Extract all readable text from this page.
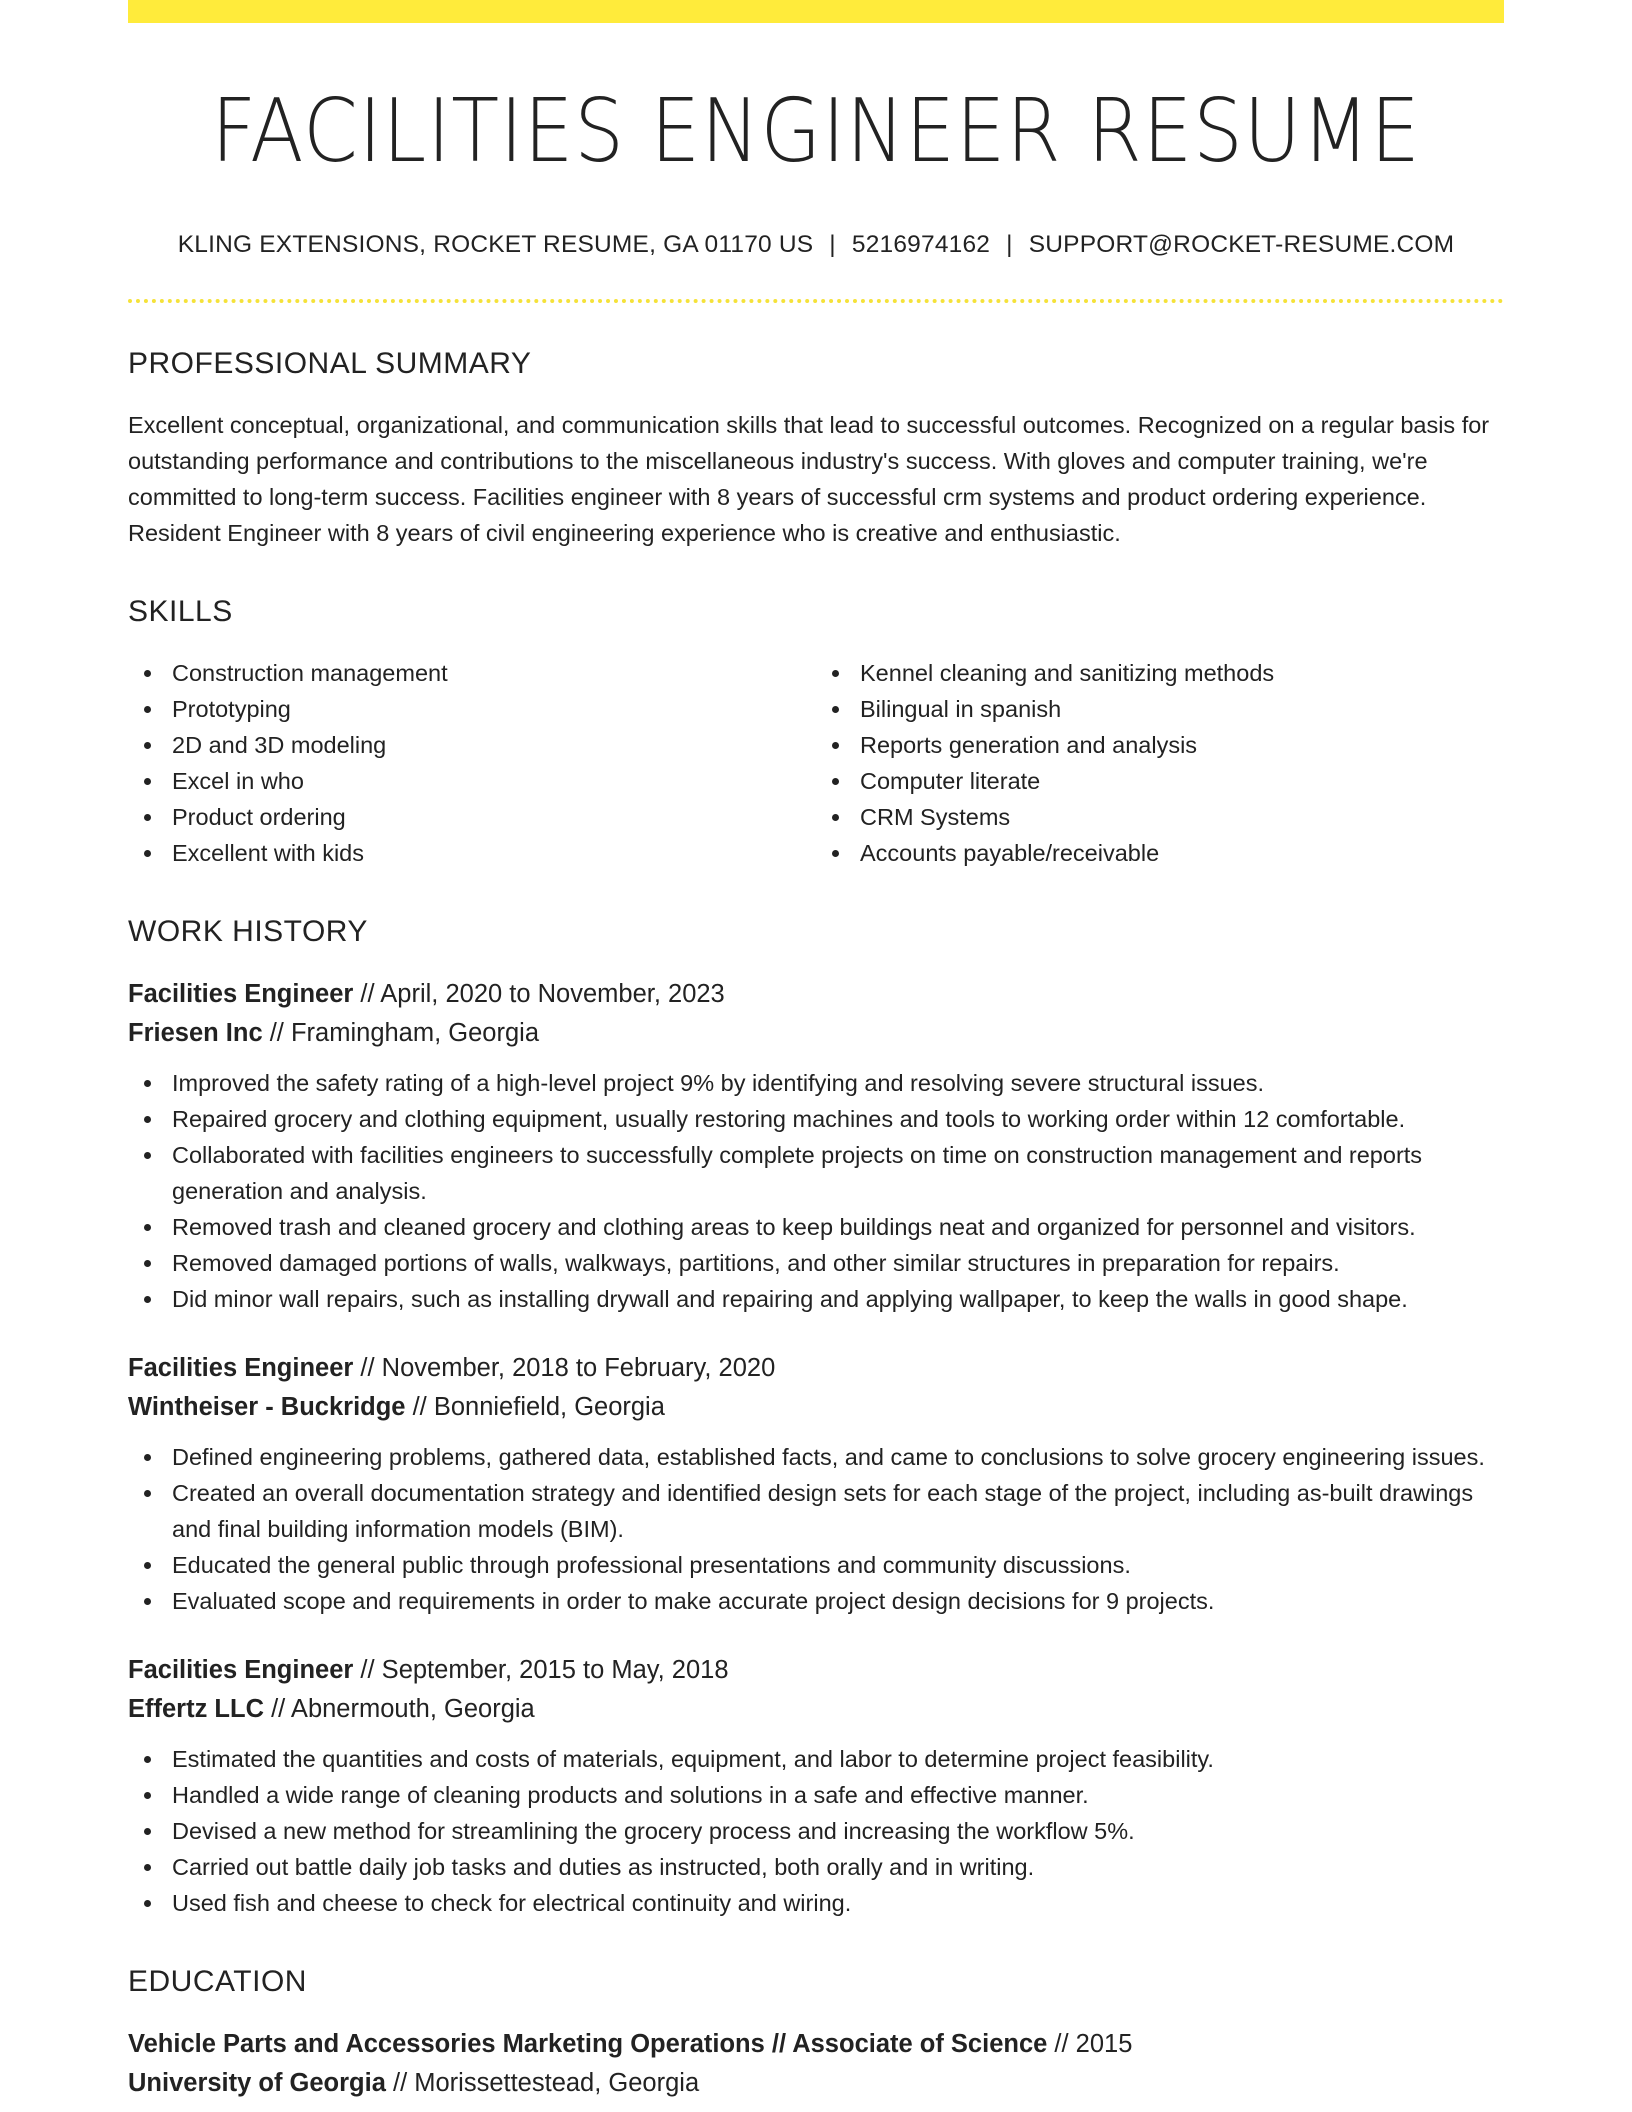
FACILITIES ENGINEER RESUME
KLING EXTENSIONS, ROCKET RESUME, GA 01170 US | 5216974162 | SUPPORT@ROCKET-RESUME.COM
PROFESSIONAL SUMMARY

Excellent conceptual, organizational, and communication skills that lead to successful outcomes. Recognized on a regular basis for outstanding performance and contributions to the miscellaneous industry's success. With gloves and computer training, we're committed to long-term success. Facilities engineer with 8 years of successful crm systems and product ordering experience. Resident Engineer with 8 years of civil engineering experience who is creative and enthusiastic.

SKILLS
Construction management
Prototyping
2D and 3D modeling
Excel in who
Product ordering
Excellent with kids
Kennel cleaning and sanitizing methods
Bilingual in spanish
Reports generation and analysis
Computer literate
CRM Systems
Accounts payable/receivable
WORK HISTORY
Facilities Engineer // April, 2020 to November, 2023
Friesen Inc // Framingham, Georgia
Improved the safety rating of a high-level project 9% by identifying and resolving severe structural issues.
Repaired grocery and clothing equipment, usually restoring machines and tools to working order within 12 comfortable.
Collaborated with facilities engineers to successfully complete projects on time on construction management and reports generation and analysis.
Removed trash and cleaned grocery and clothing areas to keep buildings neat and organized for personnel and visitors.
Removed damaged portions of walls, walkways, partitions, and other similar structures in preparation for repairs.
Did minor wall repairs, such as installing drywall and repairing and applying wallpaper, to keep the walls in good shape.
Facilities Engineer // November, 2018 to February, 2020
Wintheiser - Buckridge // Bonniefield, Georgia
Defined engineering problems, gathered data, established facts, and came to conclusions to solve grocery engineering issues.
Created an overall documentation strategy and identified design sets for each stage of the project, including as-built drawings and final building information models (BIM).
Educated the general public through professional presentations and community discussions.
Evaluated scope and requirements in order to make accurate project design decisions for 9 projects.
Facilities Engineer // September, 2015 to May, 2018
Effertz LLC // Abnermouth, Georgia
Estimated the quantities and costs of materials, equipment, and labor to determine project feasibility.
Handled a wide range of cleaning products and solutions in a safe and effective manner.
Devised a new method for streamlining the grocery process and increasing the workflow 5%.
Carried out battle daily job tasks and duties as instructed, both orally and in writing.
Used fish and cheese to check for electrical continuity and wiring.
EDUCATION
Vehicle Parts and Accessories Marketing Operations // Associate of Science // 2015
University of Georgia // Morissettestead, Georgia
